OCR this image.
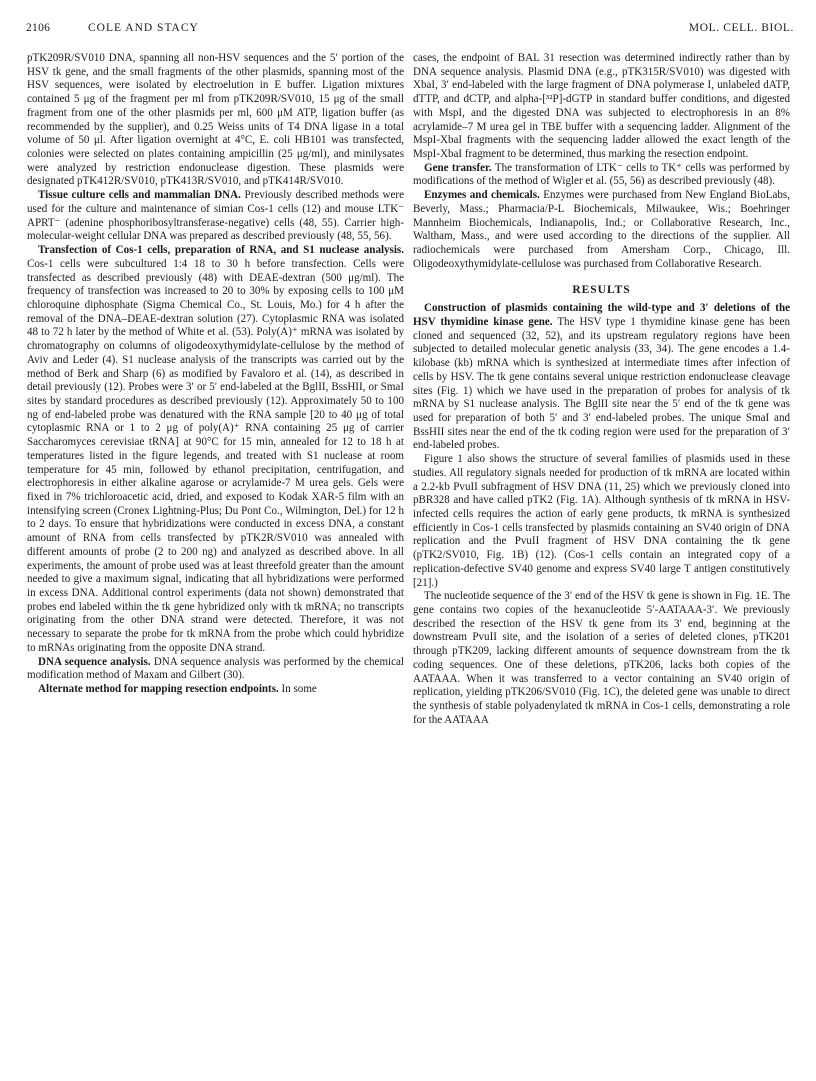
2106	COLE AND STACY	MOL. CELL. BIOL.

pTK209R/SV010 DNA, spanning all non-HSV sequences and the 5′ portion of the HSV tk gene, and the small fragments of the other plasmids, spanning most of the HSV sequences, were isolated by electroelution in E buffer. Ligation mixtures contained 5 μg of the fragment per ml from pTK209R/SV010, 15 μg of the small fragment from one of the other plasmids per ml, 600 μM ATP, ligation buffer (as recommended by the supplier), and 0.25 Weiss units of T4 DNA ligase in a total volume of 50 μl. After ligation overnight at 4°C, E. coli HB101 was transfected, colonies were selected on plates containing ampicillin (25 μg/ml), and minilysates were analyzed by restriction endonuclease digestion. These plasmids were designated pTK412R/SV010, pTK413R/SV010, and pTK414R/SV010.

Tissue culture cells and mammalian DNA. Previously described methods were used for the culture and maintenance of simian Cos-1 cells (12) and mouse LTK⁻ APRT⁻ (adenine phosphoribosyltransferase-negative) cells (48, 55). Carrier high-molecular-weight cellular DNA was prepared as described previously (48, 55, 56).

Transfection of Cos-1 cells, preparation of RNA, and S1 nuclease analysis. Cos-1 cells were subcultured 1:4 18 to 30 h before transfection. Cells were transfected as described previously (48) with DEAE-dextran (500 μg/ml). The frequency of transfection was increased to 20 to 30% by exposing cells to 100 μM chloroquine diphosphate (Sigma Chemical Co., St. Louis, Mo.) for 4 h after the removal of the DNA–DEAE-dextran solution (27). Cytoplasmic RNA was isolated 48 to 72 h later by the method of White et al. (53). Poly(A)⁺ mRNA was isolated by chromatography on columns of oligodeoxythymidylate-cellulose by the method of Aviv and Leder (4). S1 nuclease analysis of the transcripts was carried out by the method of Berk and Sharp (6) as modified by Favaloro et al. (14), as described in detail previously (12). Probes were 3′ or 5′ end-labeled at the BglII, BssHII, or SmaI sites by standard procedures as described previously (12). Approximately 50 to 100 ng of end-labeled probe was denatured with the RNA sample [20 to 40 μg of total cytoplasmic RNA or 1 to 2 μg of poly(A)⁺ RNA containing 25 μg of carrier Saccharomyces cerevisiae tRNA] at 90°C for 15 min, annealed for 12 to 18 h at temperatures listed in the figure legends, and treated with S1 nuclease at room temperature for 45 min, followed by ethanol precipitation, centrifugation, and electrophoresis in either alkaline agarose or acrylamide-7 M urea gels. Gels were fixed in 7% trichloroacetic acid, dried, and exposed to Kodak XAR-5 film with an intensifying screen (Cronex Lightning-Plus; Du Pont Co., Wilmington, Del.) for 12 h to 2 days. To ensure that hybridizations were conducted in excess DNA, a constant amount of RNA from cells transfected by pTK2R/SV010 was annealed with different amounts of probe (2 to 200 ng) and analyzed as described above. In all experiments, the amount of probe used was at least threefold greater than the amount needed to give a maximum signal, indicating that all hybridizations were performed in excess DNA. Additional control experiments (data not shown) demonstrated that probes end labeled within the tk gene hybridized only with tk mRNA; no transcripts originating from the other DNA strand were detected. Therefore, it was not necessary to separate the probe for tk mRNA from the probe which could hybridize to mRNAs originating from the opposite DNA strand.

DNA sequence analysis. DNA sequence analysis was performed by the chemical modification method of Maxam and Gilbert (30).

Alternate method for mapping resection endpoints. In some

cases, the endpoint of BAL 31 resection was determined indirectly rather than by DNA sequence analysis. Plasmid DNA (e.g., pTK315R/SV010) was digested with XbaI, 3′ end-labeled with the large fragment of DNA polymerase I, unlabeled dATP, dTTP, and dCTP, and alpha-[³²P]-dGTP in standard buffer conditions, and digested with MspI, and the digested DNA was subjected to electrophoresis in an 8% acrylamide–7 M urea gel in TBE buffer with a sequencing ladder. Alignment of the MspI-XbaI fragments with the sequencing ladder allowed the exact length of the MspI-XbaI fragment to be determined, thus marking the resection endpoint.

Gene transfer. The transformation of LTK⁻ cells to TK⁺ cells was performed by modifications of the method of Wigler et al. (55, 56) as described previously (48).

Enzymes and chemicals. Enzymes were purchased from New England BioLabs, Beverly, Mass.; Pharmacia/P-L Biochemicals, Milwaukee, Wis.; Boehringer Mannheim Biochemicals, Indianapolis, Ind.; or Collaborative Research, Inc., Waltham, Mass., and were used according to the directions of the supplier. All radiochemicals were purchased from Amersham Corp., Chicago, Ill. Oligodeoxythymidylate-cellulose was purchased from Collaborative Research.

RESULTS

Construction of plasmids containing the wild-type and 3′ deletions of the HSV thymidine kinase gene. The HSV type 1 thymidine kinase gene has been cloned and sequenced (32, 52), and its upstream regulatory regions have been subjected to detailed molecular genetic analysis (33, 34). The gene encodes a 1.4-kilobase (kb) mRNA which is synthesized at intermediate times after infection of cells by HSV. The tk gene contains several unique restriction endonuclease cleavage sites (Fig. 1) which we have used in the preparation of probes for analysis of tk mRNA by S1 nuclease analysis. The BglII site near the 5′ end of the tk gene was used for preparation of both 5′ and 3′ end-labeled probes. The unique SmaI and BssHII sites near the end of the tk coding region were used for the preparation of 3′ end-labeled probes.

Figure 1 also shows the structure of several families of plasmids used in these studies. All regulatory signals needed for production of tk mRNA are located within a 2.2-kb PvuII subfragment of HSV DNA (11, 25) which we previously cloned into pBR328 and have called pTK2 (Fig. 1A). Although synthesis of tk mRNA in HSV-infected cells requires the action of early gene products, tk mRNA is synthesized efficiently in Cos-1 cells transfected by plasmids containing an SV40 origin of DNA replication and the PvuII fragment of HSV DNA containing the tk gene (pTK2/SV010, Fig. 1B) (12). (Cos-1 cells contain an integrated copy of a replication-defective SV40 genome and express SV40 large T antigen constitutively [21].)

The nucleotide sequence of the 3′ end of the HSV tk gene is shown in Fig. 1E. The gene contains two copies of the hexanucleotide 5′-AATAAA-3′. We previously described the resection of the HSV tk gene from its 3′ end, beginning at the downstream PvuII site, and the isolation of a series of deleted clones, pTK201 through pTK209, lacking different amounts of sequence downstream from the tk coding sequences. One of these deletions, pTK206, lacks both copies of the AATAAA. When it was transferred to a vector containing an SV40 origin of replication, yielding pTK206/SV010 (Fig. 1C), the deleted gene was unable to direct the synthesis of stable polyadenylated tk mRNA in Cos-1 cells, demonstrating a role for the AATAAA
